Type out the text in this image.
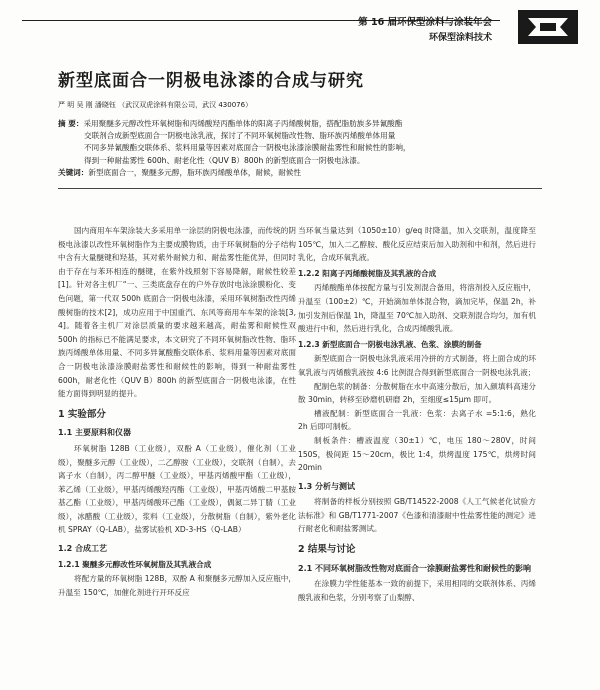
第 16 届环保型涂料与涂装年会
环保型涂料技术
新型底面合一阴极电泳漆的合成与研究
严 明 吴 刚 潘晓钰 （武汉双虎涂料有限公司，武汉 430076）
摘 要：采用聚醚多元醇改性环氧树脂和丙烯酸羟丙酯单体的阳离子丙烯酸树脂，搭配脂肪族多异氰酸酯
交联剂合成新型底面合一阴极电泳乳液，探讨了不同环氧树脂改性物、脂环族丙烯酸单体用量
不同多异氰酸酯交联体系、浆料用量等因素对底面合一阴极电泳漆涂膜耐盐雾性和耐候性的影响，
得到一种耐盐雾性 600h、耐老化性（QUV B）800h 的新型底面合一阴极电泳漆。
关键词：新型底面合一，聚醚多元醇，脂环族丙烯酸单体，耐候，耐候性

国内商用车车架涂装大多采用单一涂层的阴极电泳漆，而传统的阴极电泳漆以改性环氧树脂作为主要成膜物质，由于环氧树脂的分子结构中含有大量醚键和羟基，其对紫外耐候力和、耐盐雾性能优异，但同时由于存在与苯环相连的醚键，在紫外线照射下容易降解，耐候性较差[1]。针对各主机厂“一、三类底盘存在的户外存放时电泳涂膜粉化、变色问题，第一代双 500h 底面合一阴极电泳漆，采用环氧树脂改性丙烯酸树脂的技术[2]，成功应用于中国重汽、东风等商用车车架的涂装[3, 4]。随着各主机厂对涂层质量的要求越来越高，耐盐雾和耐候性双 500h 的指标已不能满足要求，本文研究了不同环氧树脂改性物、脂环族丙烯酸单体用量、不同多异氰酸酯交联体系、浆料用量等因素对底面合一阴极电泳漆涂膜耐盐雾性和耐候性的影响，得到一种耐盐雾性 600h，耐老化性（QUV B）800h 的新型底面合一阴极电泳漆，在性能方面得到明显的提升。

1 实验部分

1.1 主要原料和仪器

环氧树脂 128B（工业级），双酚 A（工业级），催化剂（工业级），聚醚多元醇（工业级），二乙醇胺（工业级），交联剂（自制），去离子水（自制），丙二醇甲醚（工业级），甲基丙烯酸甲酯（工业级），苯乙烯（工业级），甲基丙烯酸羟丙酯（工业级），甲基丙烯酸二甲基胺基乙酯（工业级），甲基丙烯酸环己酯（工业级），偶氮二异丁腈（工业级），冰醋酸（工业级），浆料（工业级），分散树脂（自制），紫外老化机 SPRAY（Q-LAB），盐雾试验机 XD-3-HS（Q-LAB）

1.2 合成工艺

1.2.1 聚醚多元醇改性环氧树脂及其乳液合成

将配方量的环氧树脂 128B，双酚 A 和聚醚多元醇加入反应瓶中，升温至 150℃，加催化剂进行开环反应

当环氧当量达到（1050±10）g/eq 时降温，加入交联剂，温度降至 105℃，加入二乙醇胺、酸化反应结束后加入助剂和中和剂，然后进行乳化，合成环氧乳液。

1.2.2 阳离子丙烯酸树脂及其乳液的合成

丙烯酸酯单体按配方量与引发剂混合备用，将溶剂投入反应瓶中，升温至（100±2）℃，开始滴加单体混合物，滴加完毕，保温 2h，补加引发剂后保温 1h，降温至 70℃加入助剂、交联剂混合均匀，加有机酸进行中和，然后进行乳化，合成丙烯酸乳液。

1.2.3 新型底面合一阴极电泳乳液、色浆、涂膜的制备

新型底面合一阴极电泳乳液采用冷拼的方式制备，将上面合成的环氧乳液与丙烯酸乳液按 4:6 比例混合得到新型底面合一阴极电泳乳液；

配制色浆的制备：分散树脂在水中高速分散后，加入颜填料高速分散 30min，转移至砂磨机研磨 2h，至细度≤15μm 即可。

槽液配制：新型底面合一乳液：色浆：去离子水 =5:1:6，熟化 2h 后即可制板。

制板条件：槽液温度（30±1）℃，电压 180～280V，时间 150S，极间距 15～20cm，极比 1:4，烘烤温度 175℃，烘烤时间 20min

1.3 分析与测试

将制备的样板分别按照 GB/T14522-2008《人工气候老化试验方法标准》和 GB/T1771-2007《色漆和清漆耐中性盐雾性能的测定》进行耐老化和耐盐雾测试。

2 结果与讨论

2.1 不同环氧树脂改性物对底面合一涂膜耐盐雾性和耐候性的影响

在涂膜力学性能基本一致的前提下，采用相同的交联剂体系、丙烯酸乳液和色浆，分别考察了山梨醇、
